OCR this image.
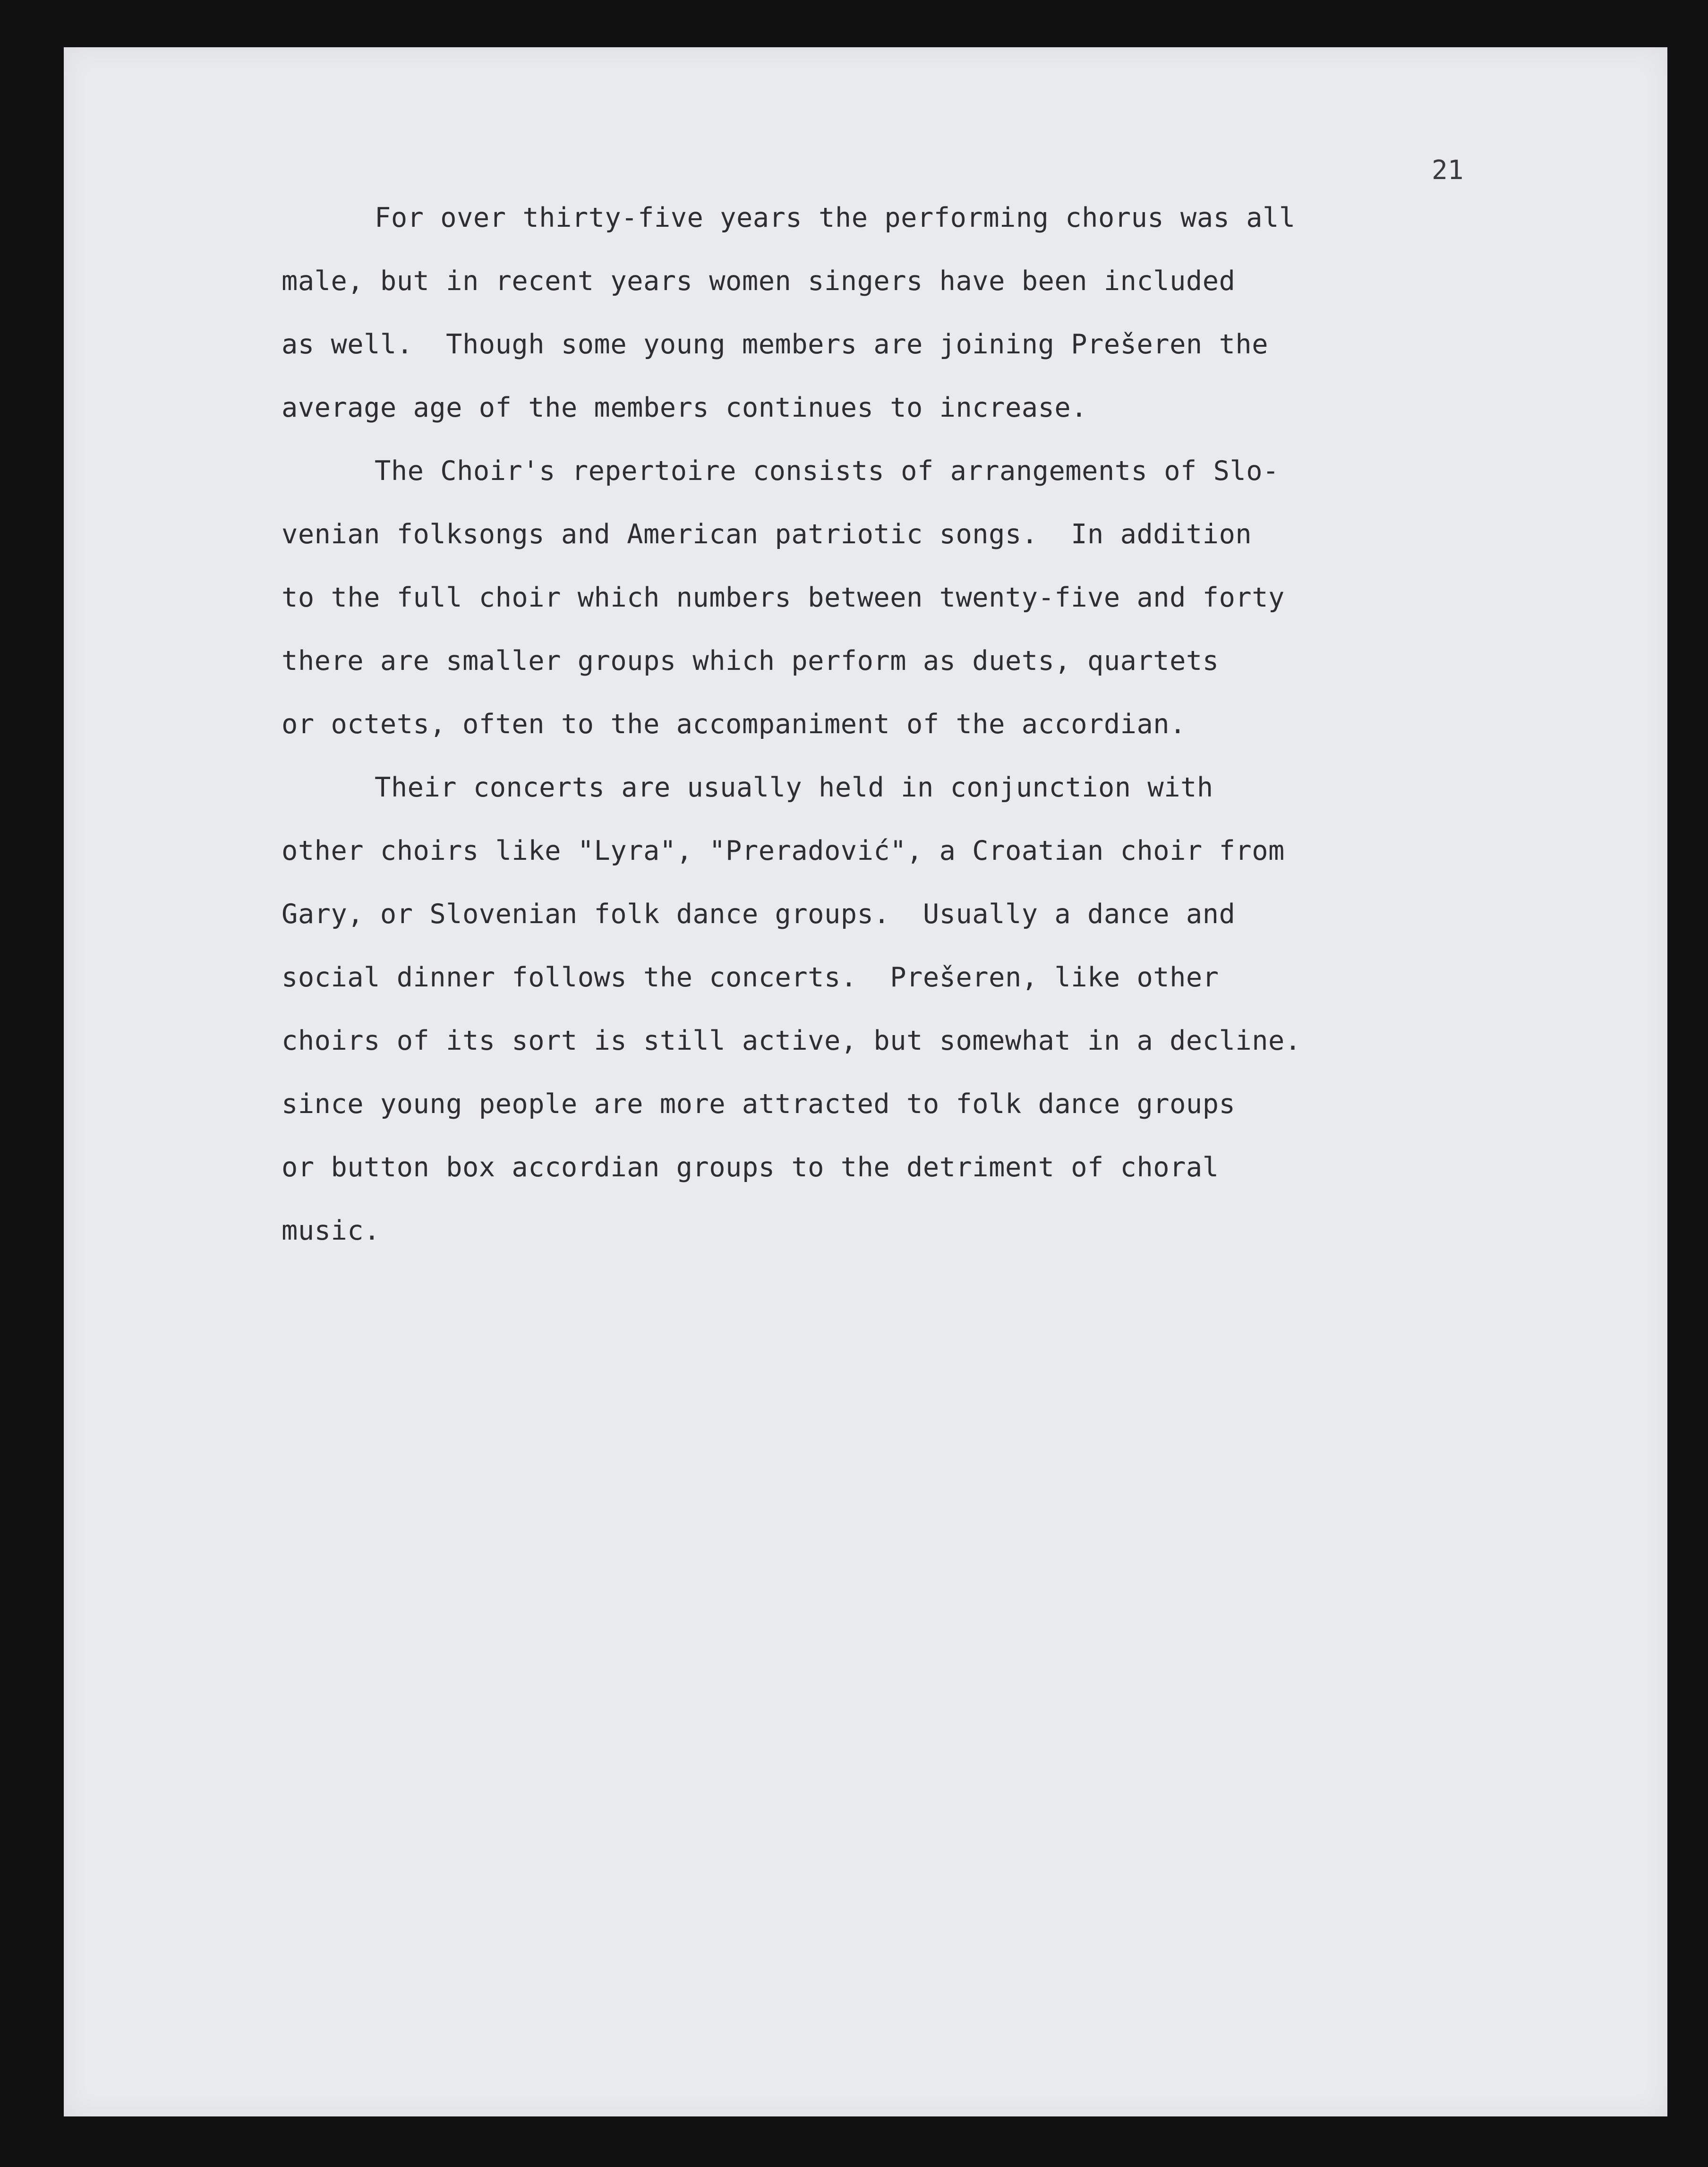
21
For over thirty-five years the performing chorus was all
male, but in recent years women singers have been included
as well.  Though some young members are joining Prešeren the
average age of the members continues to increase.
The Choir's repertoire consists of arrangements of Slo-
venian folksongs and American patriotic songs.  In addition
to the full choir which numbers between twenty-five and forty
there are smaller groups which perform as duets, quartets
or octets, often to the accompaniment of the accordian.
Their concerts are usually held in conjunction with
other choirs like "Lyra", "Preradović", a Croatian choir from
Gary, or Slovenian folk dance groups.  Usually a dance and
social dinner follows the concerts.  Prešeren, like other
choirs of its sort is still active, but somewhat in a decline.
since young people are more attracted to folk dance groups
or button box accordian groups to the detriment of choral
music.
